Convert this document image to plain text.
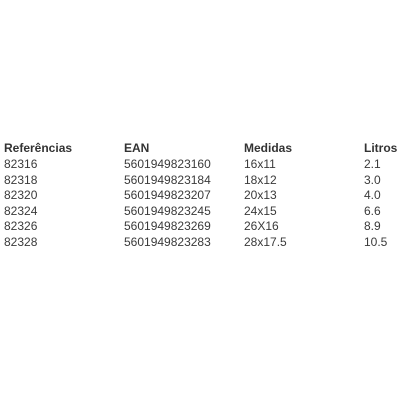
Referências	EAN	Medidas	Litros
82316	5601949823160	16x11	2.1
82318	5601949823184	18x12	3.0
82320	5601949823207	20x13	4.0
82324	5601949823245	24x15	6.6
82326	5601949823269	26X16	8.9
82328	5601949823283	28x17.5	10.5
